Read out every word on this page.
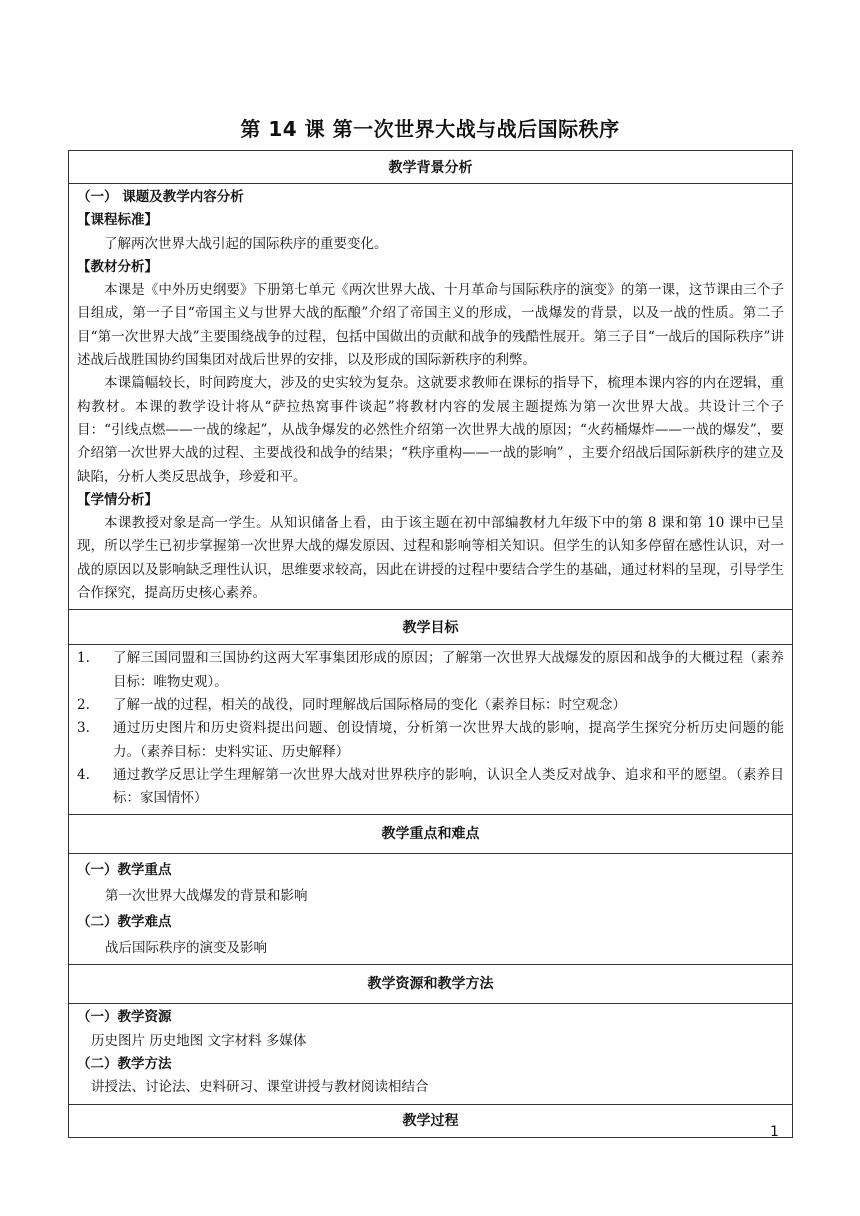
第 14 课 第一次世界大战与战后国际秩序
教学背景分析
（一） 课题及教学内容分析
【课程标准】

了解两次世界大战引起的国际秩序的重要变化。

【教材分析】

本课是《中外历史纲要》下册第七单元《两次世界大战、十月革命与国际秩序的演变》的第一课，这节课由三个子目组成，第一子目“帝国主义与世界大战的酝酿”介绍了帝国主义的形成，一战爆发的背景，以及一战的性质。第二子目“第一次世界大战”主要围绕战争的过程，包括中国做出的贡献和战争的残酷性展开。第三子目“一战后的国际秩序”讲述战后战胜国协约国集团对战后世界的安排，以及形成的国际新秩序的利弊。

本课篇幅较长，时间跨度大，涉及的史实较为复杂。这就要求教师在课标的指导下，梳理本课内容的内在逻辑，重构教材。本课的教学设计将从“萨拉热窝事件谈起”将教材内容的发展主题提炼为第一次世界大战。共设计三个子目：“引线点燃——一战的缘起”，从战争爆发的必然性介绍第一次世界大战的原因；“火药桶爆炸——一战的爆发”，要介绍第一次世界大战的过程、主要战役和战争的结果；“秩序重构——一战的影响” ，主要介绍战后国际新秩序的建立及缺陷，分析人类反思战争，珍爱和平。

【学情分析】

本课教授对象是高一学生。从知识储备上看，由于该主题在初中部编教材九年级下中的第 8 课和第 10 课中已呈现，所以学生已初步掌握第一次世界大战的爆发原因、过程和影响等相关知识。但学生的认知多停留在感性认识，对一战的原因以及影响缺乏理性认识，思维要求较高，因此在讲授的过程中要结合学生的基础，通过材料的呈现，引导学生合作探究，提高历史核心素养。

教学目标
1.	了解三国同盟和三国协约这两大军事集团形成的原因；了解第一次世界大战爆发的原因和战争的大概过程（素养目标：唯物史观）。
2.	了解一战的过程，相关的战役，同时理解战后国际格局的变化（素养目标：时空观念）
3.	通过历史图片和历史资料提出问题、创设情境，分析第一次世界大战的影响，提高学生探究分析历史问题的能力。（素养目标：史料实证、历史解释）
4.	通过教学反思让学生理解第一次世界大战对世界秩序的影响，认识全人类反对战争、追求和平的愿望。（素养目标：家国情怀）
教学重点和难点
（一）教学重点
第一次世界大战爆发的背景和影响
（二）教学难点
战后国际秩序的演变及影响
教学资源和教学方法
（一）教学资源
历史图片 历史地图 文字材料 多媒体
（二）教学方法
讲授法、讨论法、史料研习、课堂讲授与教材阅读相结合
教学过程
1
